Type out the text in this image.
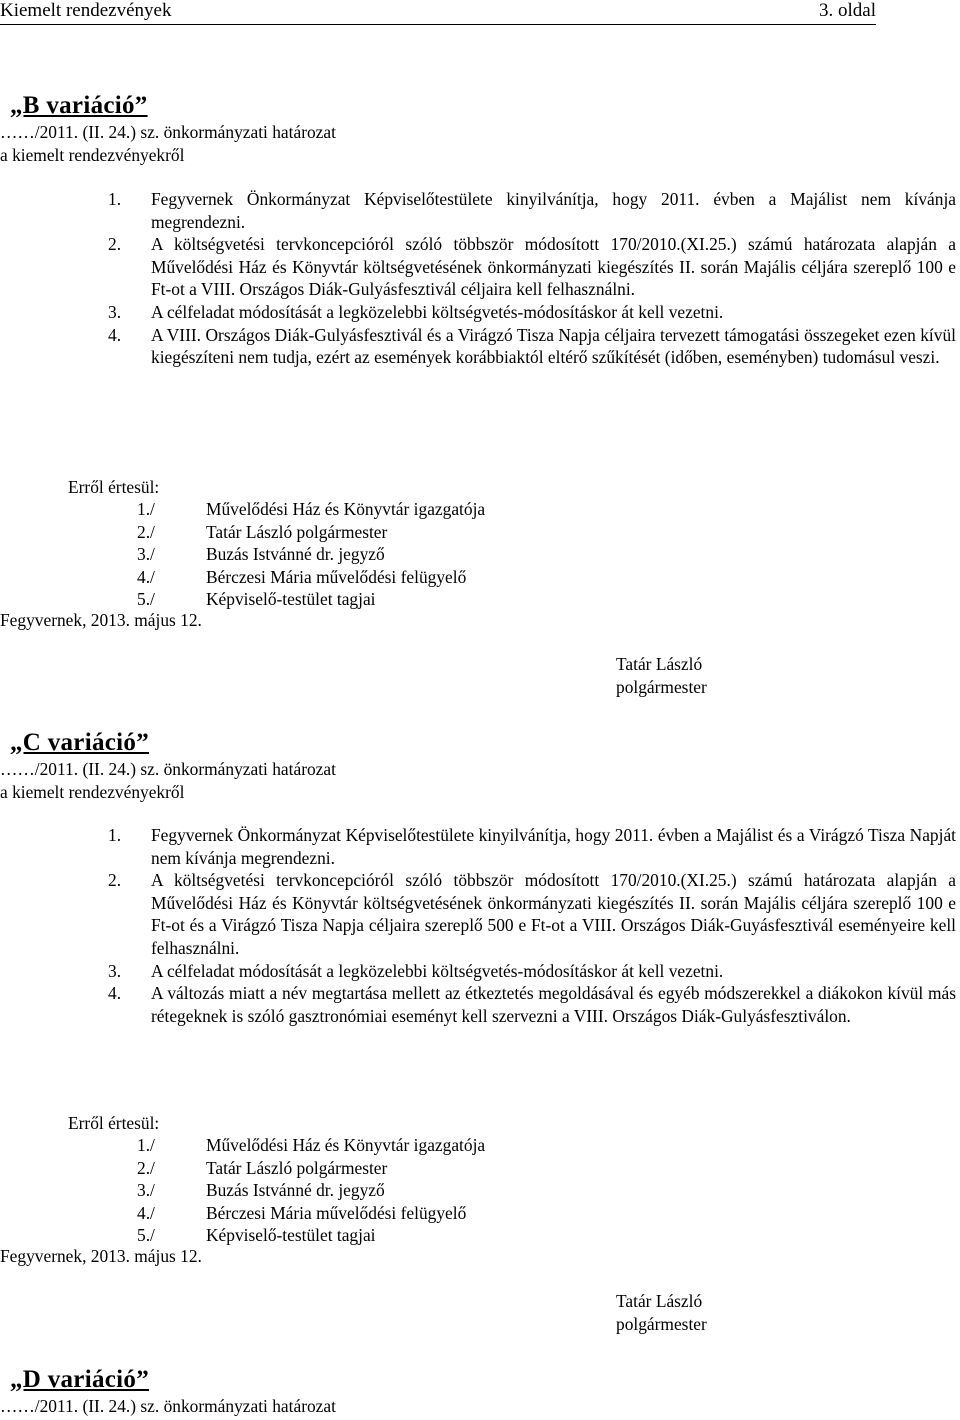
Kiemelt rendezvények	3. oldal
„B variáció”
……/2011. (II. 24.) sz. önkormányzati határozat
a kiemelt rendezvényekről
1. Fegyvernek Önkormányzat Képviselőtestülete kinyilvánítja, hogy 2011. évben a Majálist nem kívánja megrendezni.
2. A költségvetési tervkoncepcióról szóló többször módosított 170/2010.(XI.25.) számú határozata alapján a Művelődési Ház és Könyvtár költségvetésének önkormányzati kiegészítés II. során Majális céljára szereplő 100 e Ft-ot a VIII. Országos Diák-Gulyásfesztivál céljaira kell felhasználni.
3. A célfeladat módosítását a legközelebbi költségvetés-módosításkor át kell vezetni.
4. A VIII. Országos Diák-Gulyásfesztivál és a Virágzó Tisza Napja céljaira tervezett támogatási összegeket ezen kívül kiegészíteni nem tudja, ezért az események korábbiaktól eltérő szűkítését (időben, eseményben) tudomásul veszi.
Erről értesül:
1./	Művelődési Ház és Könyvtár igazgatója
2./	Tatár László polgármester
3./	Buzás Istvánné dr. jegyző
4./	Bérczesi Mária művelődési felügyelő
5./	Képviselő-testület tagjai
Fegyvernek, 2013. május 12.
Tatár László
polgármester
„C variáció”
……/2011. (II. 24.) sz. önkormányzati határozat
a kiemelt rendezvényekről
1. Fegyvernek Önkormányzat Képviselőtestülete kinyilvánítja, hogy 2011. évben a Majálist és a Virágzó Tisza Napját nem kívánja megrendezni.
2. A költségvetési tervkoncepcióról szóló többször módosított 170/2010.(XI.25.) számú határozata alapján a Művelődési Ház és Könyvtár költségvetésének önkormányzati kiegészítés II. során Majális céljára szereplő 100 e Ft-ot és a Virágzó Tisza Napja céljaira szereplő 500 e Ft-ot a VIII. Országos Diák-Guyásfesztivál eseményeire kell felhasználni.
3. A célfeladat módosítását a legközelebbi költségvetés-módosításkor át kell vezetni.
4. A változás miatt a név megtartása mellett az étkeztetés megoldásával és egyéb módszerekkel a diákokon kívül más rétegeknek is szóló gasztronómiai eseményt kell szervezni a VIII. Országos Diák-Gulyásfesztiválon.
Erről értesül:
1./	Művelődési Ház és Könyvtár igazgatója
2./	Tatár László polgármester
3./	Buzás Istvánné dr. jegyző
4./	Bérczesi Mária művelődési felügyelő
5./	Képviselő-testület tagjai
Fegyvernek, 2013. május 12.
Tatár László
polgármester
„D variáció”
……/2011. (II. 24.) sz. önkormányzati határozat
